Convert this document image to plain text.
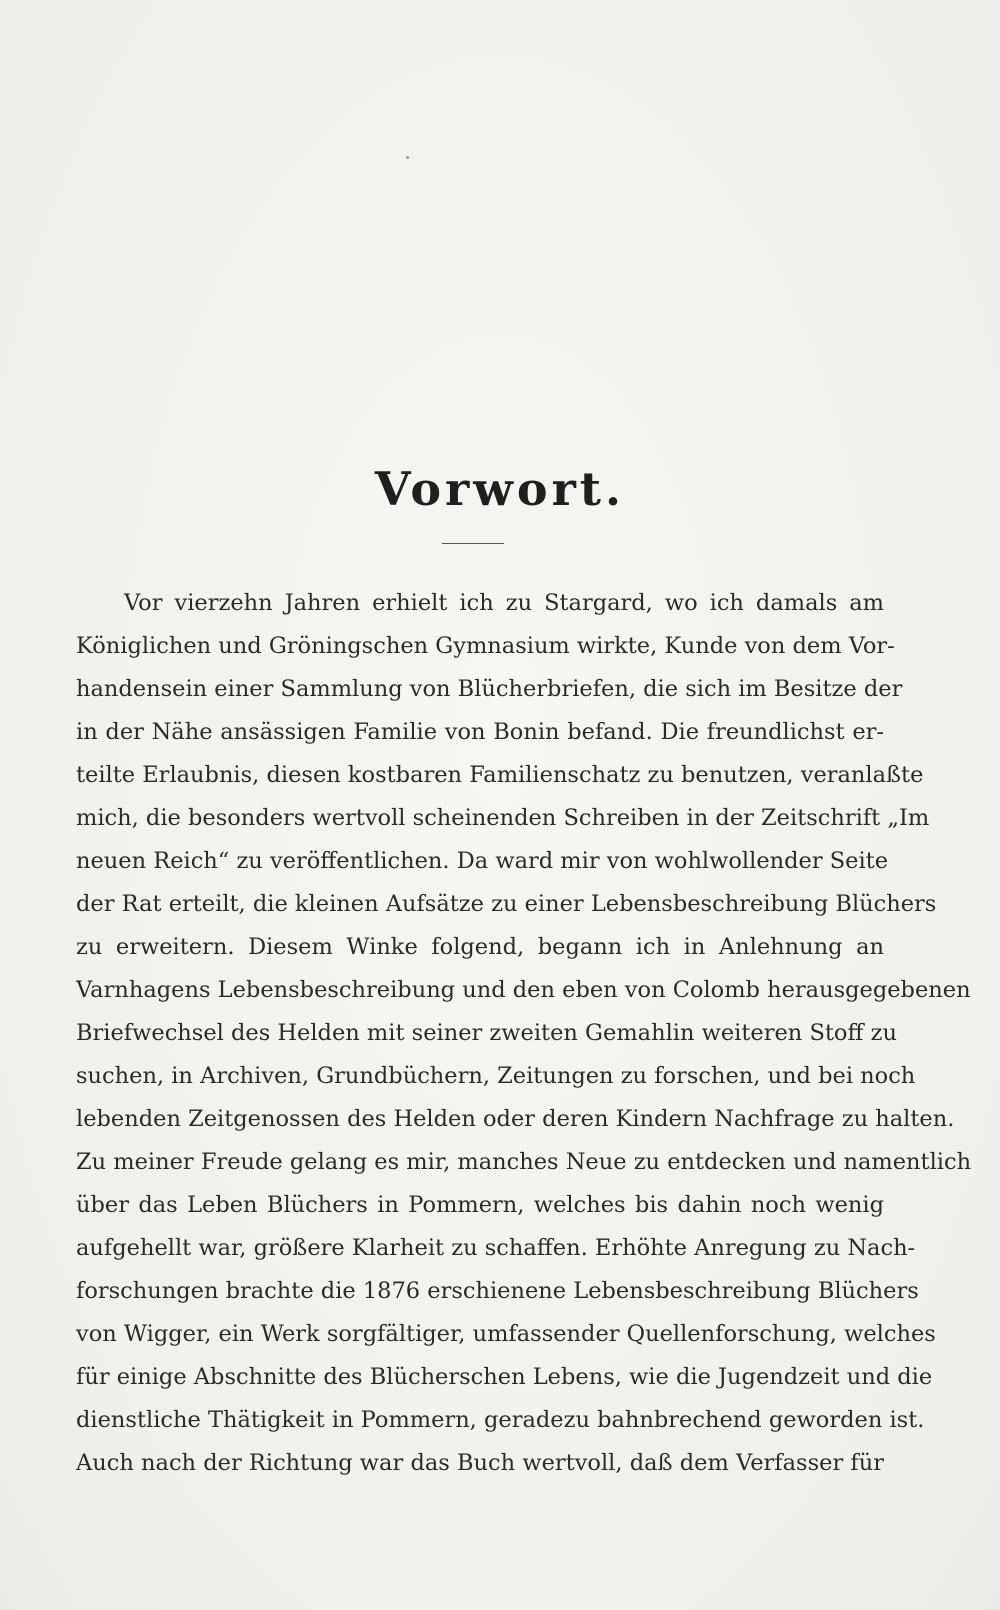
Vorwort.
Vor vierzehn Jahren erhielt ich zu Stargard, wo ich damals am
Königlichen und Gröningschen Gymnasium wirkte, Kunde von dem Vor-
handensein einer Sammlung von Blücherbriefen, die sich im Besitze der
in der Nähe ansässigen Familie von Bonin befand. Die freundlichst er-
teilte Erlaubnis, diesen kostbaren Familienschatz zu benutzen, veranlaßte
mich, die besonders wertvoll scheinenden Schreiben in der Zeitschrift „Im
neuen Reich“ zu veröffentlichen. Da ward mir von wohlwollender Seite
der Rat erteilt, die kleinen Aufsätze zu einer Lebensbeschreibung Blüchers
zu erweitern. Diesem Winke folgend, begann ich in Anlehnung an
Varnhagens Lebensbeschreibung und den eben von Colomb herausgegebenen
Briefwechsel des Helden mit seiner zweiten Gemahlin weiteren Stoff zu
suchen, in Archiven, Grundbüchern, Zeitungen zu forschen, und bei noch
lebenden Zeitgenossen des Helden oder deren Kindern Nachfrage zu halten.
Zu meiner Freude gelang es mir, manches Neue zu entdecken und namentlich
über das Leben Blüchers in Pommern, welches bis dahin noch wenig
aufgehellt war, größere Klarheit zu schaffen. Erhöhte Anregung zu Nach-
forschungen brachte die 1876 erschienene Lebensbeschreibung Blüchers
von Wigger, ein Werk sorgfältiger, umfassender Quellenforschung, welches
für einige Abschnitte des Blücherschen Lebens, wie die Jugendzeit und die
dienstliche Thätigkeit in Pommern, geradezu bahnbrechend geworden ist.
Auch nach der Richtung war das Buch wertvoll, daß dem Verfasser für
